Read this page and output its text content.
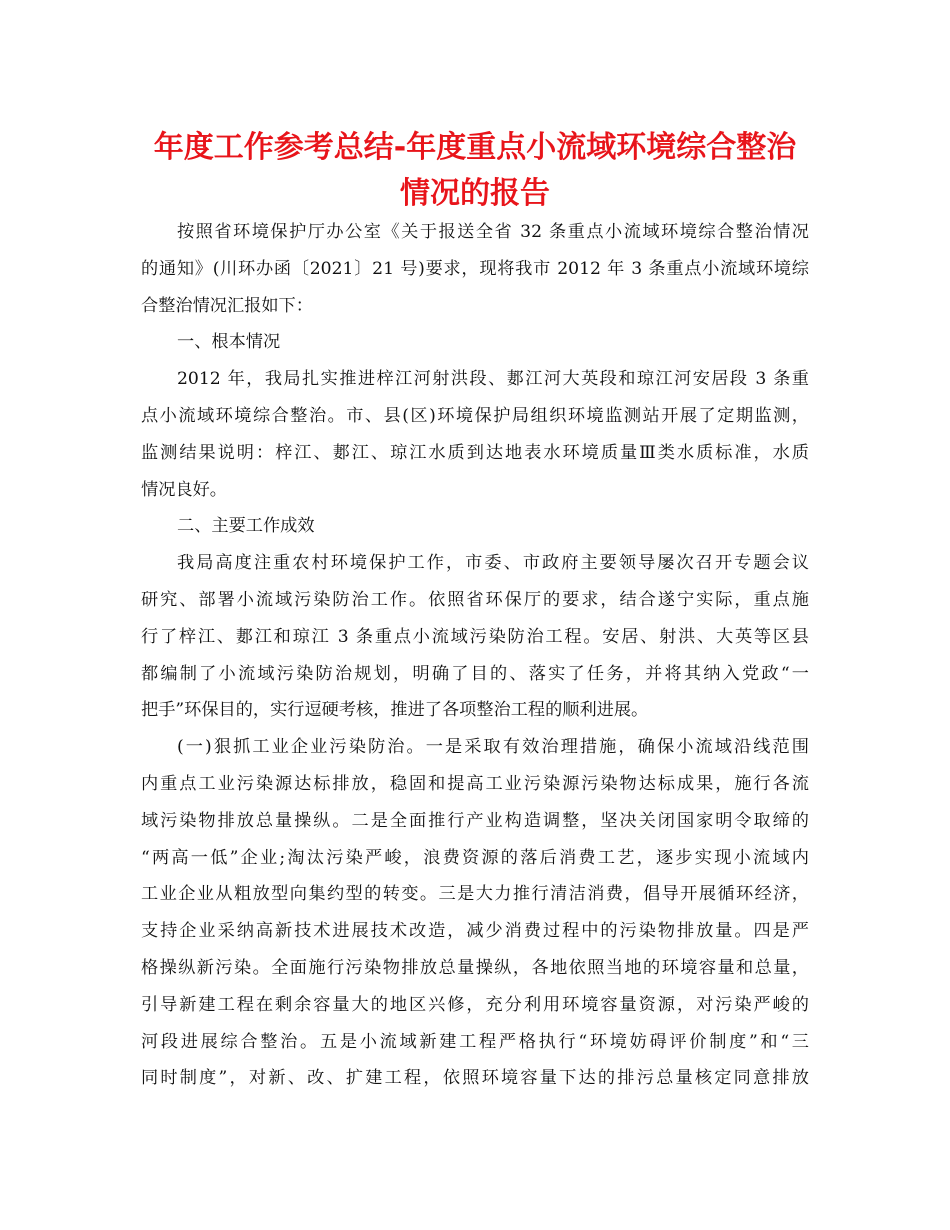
年度工作参考总结-年度重点小流域环境综合整治
情况的报告
按照省环境保护厅办公室《关于报送全省 32 条重点小流域环境综合整治情况
的通知》(川环办函〔2021〕21 号)要求，现将我市 2012 年 3 条重点小流域环境综
合整治情况汇报如下：
一、根本情况
2012 年，我局扎实推进梓江河射洪段、郪江河大英段和琼江河安居段 3 条重
点小流域环境综合整治。市、县(区)环境保护局组织环境监测站开展了定期监测，
监测结果说明：梓江、郪江、琼江水质到达地表水环境质量Ⅲ类水质标准，水质
情况良好。
二、主要工作成效
我局高度注重农村环境保护工作，市委、市政府主要领导屡次召开专题会议
研究、部署小流域污染防治工作。依照省环保厅的要求，结合遂宁实际，重点施
行了梓江、郪江和琼江 3 条重点小流域污染防治工程。安居、射洪、大英等区县
都编制了小流域污染防治规划，明确了目的、落实了任务，并将其纳入党政“一
把手”环保目的，实行逗硬考核，推进了各项整治工程的顺利进展。
(一)狠抓工业企业污染防治。一是采取有效治理措施，确保小流域沿线范围
内重点工业污染源达标排放，稳固和提高工业污染源污染物达标成果，施行各流
域污染物排放总量操纵。二是全面推行产业构造调整，坚决关闭国家明令取缔的
“两高一低”企业;淘汰污染严峻，浪费资源的落后消费工艺，逐步实现小流域内
工业企业从粗放型向集约型的转变。三是大力推行清洁消费，倡导开展循环经济，
支持企业采纳高新技术进展技术改造，减少消费过程中的污染物排放量。四是严
格操纵新污染。全面施行污染物排放总量操纵，各地依照当地的环境容量和总量，
引导新建工程在剩余容量大的地区兴修，充分利用环境容量资源，对污染严峻的
河段进展综合整治。五是小流域新建工程严格执行“环境妨碍评价制度”和“三
同时制度”，对新、改、扩建工程，依照环境容量下达的排污总量核定同意排放
